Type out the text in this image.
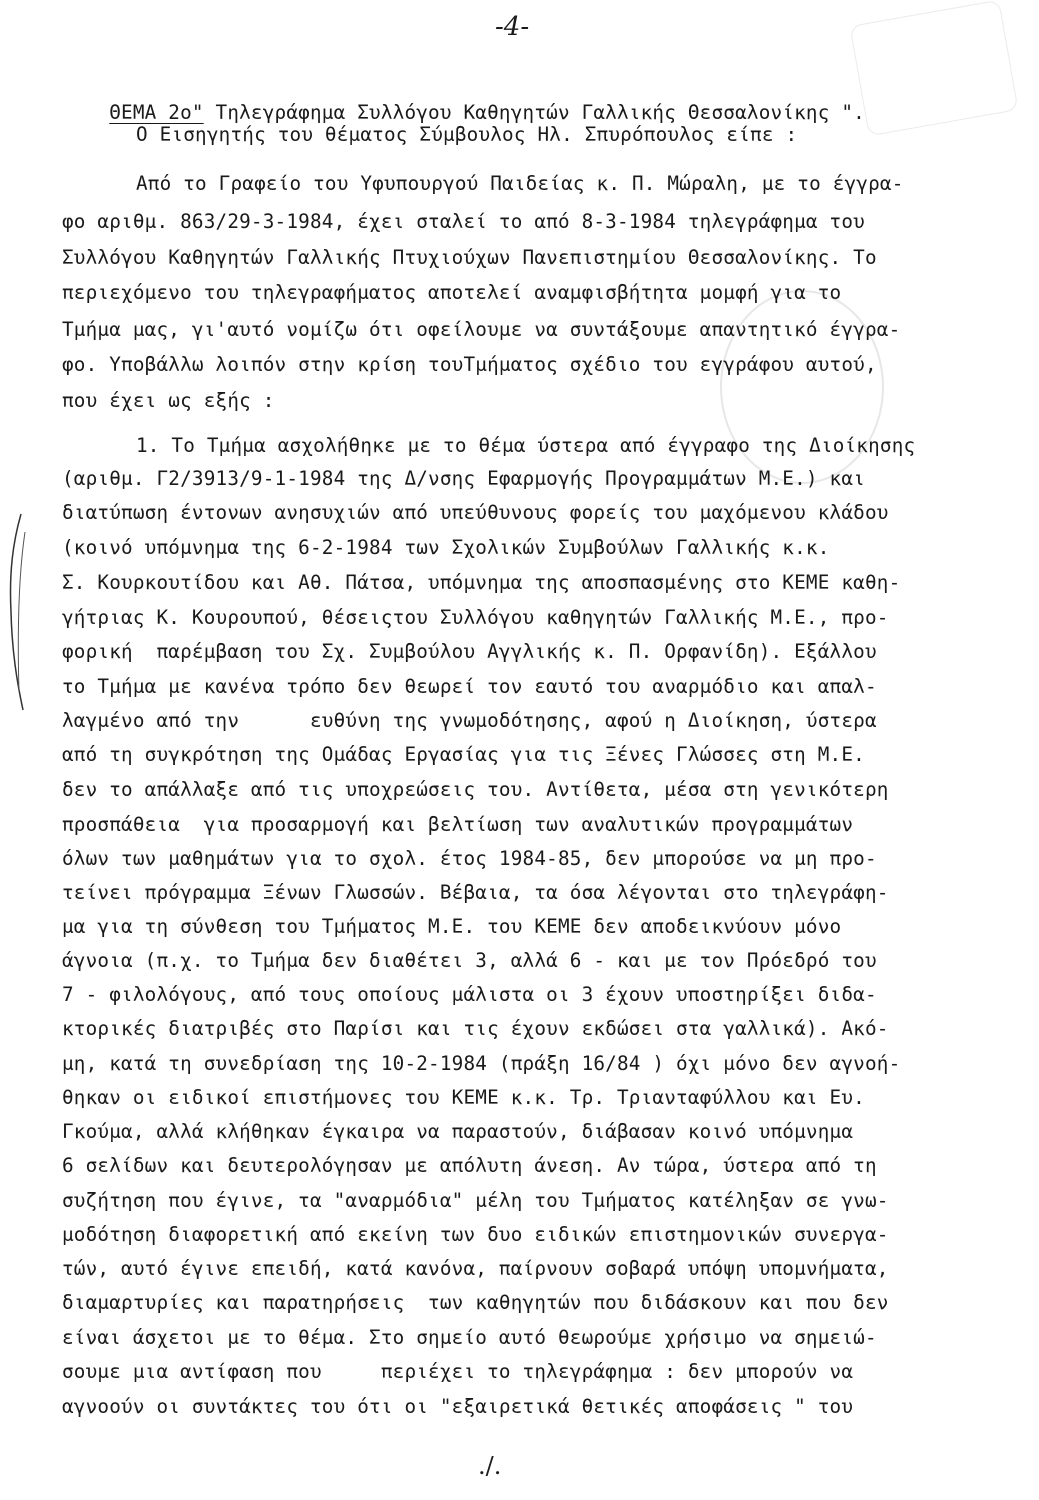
-4-

ΘΕΜΑ 2ο" Τηλεγράφημα Συλλόγου Καθηγητών Γαλλικής Θεσσαλονίκης ".

Ο Εισηγητής του θέματος Σύμβουλος Ηλ. Σπυρόπουλος είπε :
Από το Γραφείο του Υφυπουργού Παιδείας κ. Π. Μώραλη, με το έγγρα-
φο αριθμ. 863/29-3-1984, έχει σταλεί το από 8-3-1984 τηλεγράφημα του
Συλλόγου Καθηγητών Γαλλικής Πτυχιούχων Πανεπιστημίου Θεσσαλονίκης. Το
περιεχόμενο του τηλεγραφήματος αποτελεί αναμφισβήτητα μομφή για το
Τμήμα μας, γι'αυτό νομίζω ότι οφείλουμε να συντάξουμε απαντητικό έγγρα-
φο. Υποβάλλω λοιπόν στην κρίση τουΤμήματος σχέδιο του εγγράφου αυτού,
που έχει ως εξής :
1. Το Τμήμα ασχολήθηκε με το θέμα ύστερα από έγγραφο της Διοίκησης
(αριθμ. Γ2/3913/9-1-1984 της Δ/νσης Εφαρμογής Προγραμμάτων Μ.Ε.) και
διατύπωση έντονων ανησυχιών από υπεύθυνους φορείς του μαχόμενου κλάδου
(κοινό υπόμνημα της 6-2-1984 των Σχολικών Συμβούλων Γαλλικής κ.κ.
Σ. Κουρκουτίδου και Αθ. Πάτσα, υπόμνημα της αποσπασμένης στο ΚΕΜΕ καθη-
γήτριας Κ. Κουρουπού, θέσειςτου Συλλόγου καθηγητών Γαλλικής Μ.Ε., προ-
φορική  παρέμβαση του Σχ. Συμβούλου Αγγλικής κ. Π. Ορφανίδη). Εξάλλου
το Τμήμα με κανένα τρόπο δεν θεωρεί τον εαυτό του αναρμόδιο και απαλ-
λαγμένο από την      ευθύνη της γνωμοδότησης, αφού η Διοίκηση, ύστερα
από τη συγκρότηση της Ομάδας Εργασίας για τις Ξένες Γλώσσες στη Μ.Ε.
δεν το απάλλαξε από τις υποχρεώσεις του. Αντίθετα, μέσα στη γενικότερη
προσπάθεια  για προσαρμογή και βελτίωση των αναλυτικών προγραμμάτων
όλων των μαθημάτων για το σχολ. έτος 1984-85, δεν μπορούσε να μη προ-
τείνει πρόγραμμα Ξένων Γλωσσών. Βέβαια, τα όσα λέγονται στο τηλεγράφη-
μα για τη σύνθεση του Τμήματος Μ.Ε. του ΚΕΜΕ δεν αποδεικνύουν μόνο
άγνοια (π.χ. το Τμήμα δεν διαθέτει 3, αλλά 6 - και με τον Πρόεδρό του
7 - φιλολόγους, από τους οποίους μάλιστα οι 3 έχουν υποστηρίξει διδα-
κτορικές διατριβές στο Παρίσι και τις έχουν εκδώσει στα γαλλικά). Ακό-
μη, κατά τη συνεδρίαση της 10-2-1984 (πράξη 16/84 ) όχι μόνο δεν αγνοή-
θηκαν οι ειδικοί επιστήμονες του ΚΕΜΕ κ.κ. Τρ. Τριανταφύλλου και Ευ.
Γκούμα, αλλά κλήθηκαν έγκαιρα να παραστούν, διάβασαν κοινό υπόμνημα
6 σελίδων και δευτερολόγησαν με απόλυτη άνεση. Αν τώρα, ύστερα από τη
συζήτηση που έγινε, τα "αναρμόδια" μέλη του Τμήματος κατέληξαν σε γνω-
μοδότηση διαφορετική από εκείνη των δυο ειδικών επιστημονικών συνεργα-
τών, αυτό έγινε επειδή, κατά κανόνα, παίρνουν σοβαρά υπόψη υπομνήματα,
διαμαρτυρίες και παρατηρήσεις  των καθηγητών που διδάσκουν και που δεν
είναι άσχετοι με το θέμα. Στο σημείο αυτό θεωρούμε χρήσιμο να σημειώ-
σουμε μια αντίφαση που     περιέχει το τηλεγράφημα : δεν μπορούν να
αγνοούν οι συντάκτες του ότι οι "εξαιρετικά θετικές αποφάσεις " του
./.
